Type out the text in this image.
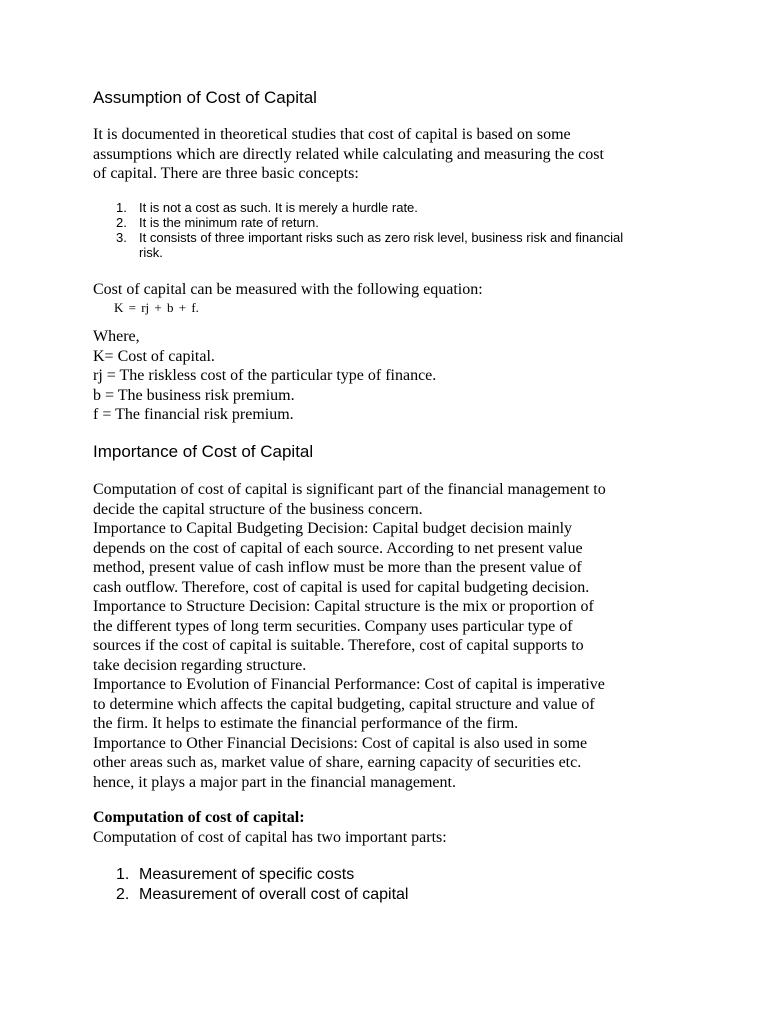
Assumption of Cost of Capital
It is documented in theoretical studies that cost of capital is based on some
assumptions which are directly related while calculating and measuring the cost
of capital. There are three basic concepts:
1. It is not a cost as such. It is merely a hurdle rate.
2. It is the minimum rate of return.
3. It consists of three important risks such as zero risk level, business risk and financial
risk.
Cost of capital can be measured with the following equation:
K = rj + b + f.
Where,
K= Cost of capital.
rj = The riskless cost of the particular type of finance.
b = The business risk premium.
f = The financial risk premium.
Importance of Cost of Capital
Computation of cost of capital is significant part of the financial management to
decide the capital structure of the business concern.
Importance to Capital Budgeting Decision: Capital budget decision mainly
depends on the cost of capital of each source. According to net present value
method, present value of cash inflow must be more than the present value of
cash outflow. Therefore, cost of capital is used for capital budgeting decision.
Importance to Structure Decision: Capital structure is the mix or proportion of
the different types of long term securities. Company uses particular type of
sources if the cost of capital is suitable. Therefore, cost of capital supports to
take decision regarding structure.
Importance to Evolution of Financial Performance: Cost of capital is imperative
to determine which affects the capital budgeting, capital structure and value of
the firm. It helps to estimate the financial performance of the firm.
Importance to Other Financial Decisions: Cost of capital is also used in some
other areas such as, market value of share, earning capacity of securities etc.
hence, it plays a major part in the financial management.
Computation of cost of capital:
Computation of cost of capital has two important parts:
1. Measurement of specific costs
2. Measurement of overall cost of capital
